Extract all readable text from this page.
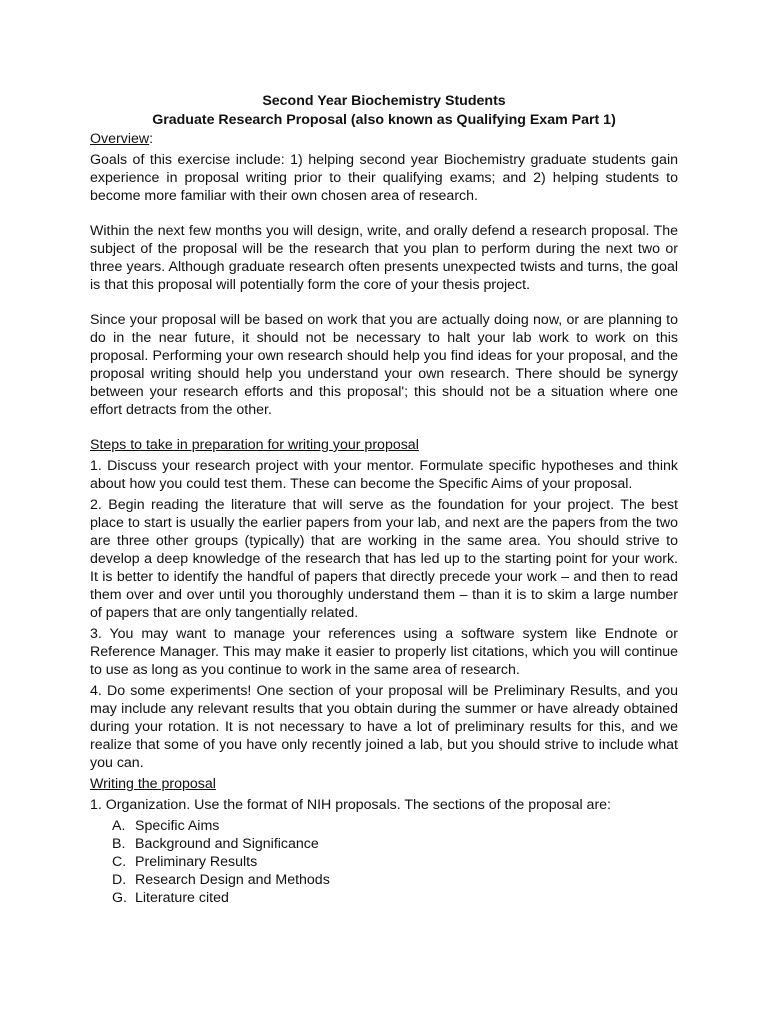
Second Year Biochemistry Students

Graduate Research Proposal (also known as Qualifying Exam Part 1)

Overview:

Goals of this exercise include: 1) helping second year Biochemistry graduate students gain experience in proposal writing prior to their qualifying exams; and 2) helping students to become more familiar with their own chosen area of research.

Within the next few months you will design, write, and orally defend a research proposal. The subject of the proposal will be the research that you plan to perform during the next two or three years. Although graduate research often presents unexpected twists and turns, the goal is that this proposal will potentially form the core of your thesis project.

Since your proposal will be based on work that you are actually doing now, or are planning to do in the near future, it should not be necessary to halt your lab work to work on this proposal. Performing your own research should help you find ideas for your proposal, and the proposal writing should help you understand your own research. There should be synergy between your research efforts and this proposal'; this should not be a situation where one effort detracts from the other.

Steps to take in preparation for writing your proposal

1. Discuss your research project with your mentor. Formulate specific hypotheses and think about how you could test them. These can become the Specific Aims of your proposal.

2. Begin reading the literature that will serve as the foundation for your project. The best place to start is usually the earlier papers from your lab, and next are the papers from the two are three other groups (typically) that are working in the same area. You should strive to develop a deep knowledge of the research that has led up to the starting point for your work. It is better to identify the handful of papers that directly precede your work – and then to read them over and over until you thoroughly understand them – than it is to skim a large number of papers that are only tangentially related.

3. You may want to manage your references using a software system like Endnote or Reference Manager. This may make it easier to properly list citations, which you will continue to use as long as you continue to work in the same area of research.

4. Do some experiments! One section of your proposal will be Preliminary Results, and you may include any relevant results that you obtain during the summer or have already obtained during your rotation. It is not necessary to have a lot of preliminary results for this, and we realize that some of you have only recently joined a lab, but you should strive to include what you can.

Writing the proposal

1. Organization. Use the format of NIH proposals. The sections of the proposal are:

A. Specific Aims
B. Background and Significance
C. Preliminary Results
D. Research Design and Methods
G. Literature cited
